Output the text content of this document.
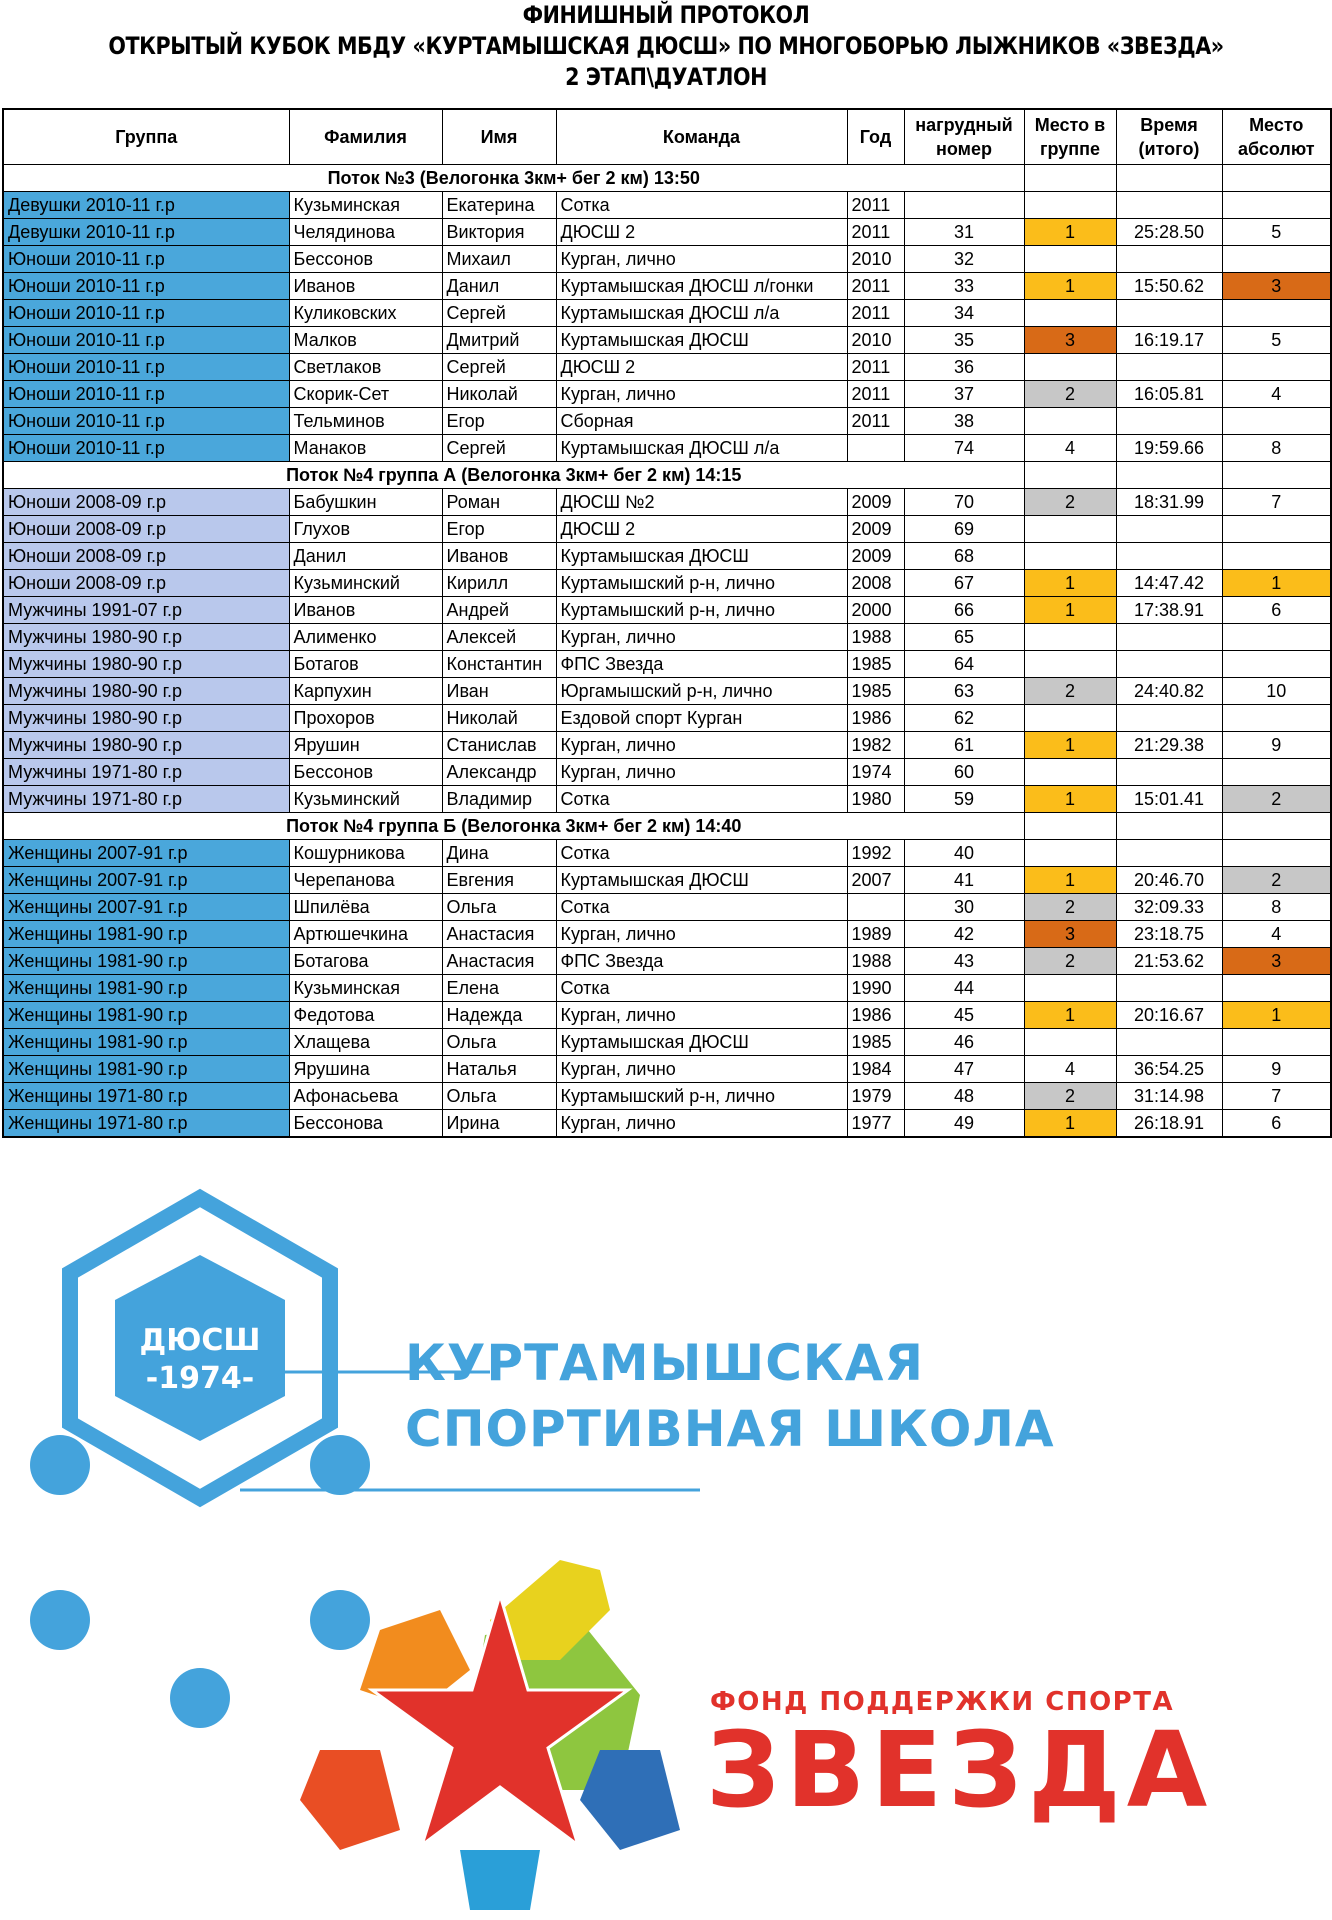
ФИНИШНЫЙ ПРОТОКОЛ
ОТКРЫТЫЙ КУБОК МБДУ «КУРТАМЫШСКАЯ ДЮСШ» ПО МНОГОБОРЬЮ ЛЫЖНИКОВ «ЗВЕЗДА»
2 ЭТАП\ДУАТЛОН
Группа	Фамилия	Имя	Команда	Год	нагрудный номер	Место в группе	Время (итого)	Место абсолют
Поток №3 (Велогонка 3км+ бег 2 км) 13:50								
Девушки 2010-11 г.р	Кузьминская	Екатерина	Сотка	2011				
Девушки 2010-11 г.р	Челядинова	Виктория	ДЮСШ 2	2011	31	1	25:28.50	5
Юноши 2010-11 г.р	Бессонов	Михаил	Курган, лично	2010	32			
Юноши 2010-11 г.р	Иванов	Данил	Куртамышская ДЮСШ л/гонки	2011	33	1	15:50.62	3
Юноши 2010-11 г.р	Куликовских	Сергей	Куртамышская ДЮСШ л/а	2011	34			
Юноши 2010-11 г.р	Малков	Дмитрий	Куртамышская ДЮСШ	2010	35	3	16:19.17	5
Юноши 2010-11 г.р	Светлаков	Сергей	ДЮСШ 2	2011	36			
Юноши 2010-11 г.р	Скорик-Сет	Николай	Курган, лично	2011	37	2	16:05.81	4
Юноши 2010-11 г.р	Тельминов	Егор	Сборная	2011	38			
Юноши 2010-11 г.р	Манаков	Сергей	Куртамышская ДЮСШ л/а		74	4	19:59.66	8
Поток №4 группа А (Велогонка 3км+ бег 2 км) 14:15								
Юноши 2008-09 г.р	Бабушкин	Роман	ДЮСШ №2	2009	70	2	18:31.99	7
Юноши 2008-09 г.р	Глухов	Егор	ДЮСШ 2	2009	69			
Юноши 2008-09 г.р	Данил	Иванов	Куртамышская ДЮСШ	2009	68			
Юноши 2008-09 г.р	Кузьминский	Кирилл	Куртамышский р-н, лично	2008	67	1	14:47.42	1
Мужчины 1991-07 г.р	Иванов	Андрей	Куртамышский р-н, лично	2000	66	1	17:38.91	6
Мужчины 1980-90 г.р	Алименко	Алексей	Курган, лично	1988	65			
Мужчины 1980-90 г.р	Ботагов	Константин	ФПС Звезда	1985	64			
Мужчины 1980-90 г.р	Карпухин	Иван	Юргамышский р-н, лично	1985	63	2	24:40.82	10
Мужчины 1980-90 г.р	Прохоров	Николай	Ездовой спорт Курган	1986	62			
Мужчины 1980-90 г.р	Ярушин	Станислав	Курган, лично	1982	61	1	21:29.38	9
Мужчины 1971-80 г.р	Бессонов	Александр	Курган, лично	1974	60			
Мужчины 1971-80 г.р	Кузьминский	Владимир	Сотка	1980	59	1	15:01.41	2
Поток №4 группа Б (Велогонка 3км+ бег 2 км) 14:40								
Женщины 2007-91 г.р	Кошурникова	Дина	Сотка	1992	40			
Женщины 2007-91 г.р	Черепанова	Евгения	Куртамышская ДЮСШ	2007	41	1	20:46.70	2
Женщины 2007-91 г.р	Шпилёва	Ольга	Сотка		30	2	32:09.33	8
Женщины 1981-90 г.р	Артюшечкина	Анастасия	Курган, лично	1989	42	3	23:18.75	4
Женщины 1981-90 г.р	Ботагова	Анастасия	ФПС Звезда	1988	43	2	21:53.62	3
Женщины 1981-90 г.р	Кузьминская	Елена	Сотка	1990	44			
Женщины 1981-90 г.р	Федотова	Надежда	Курган, лично	1986	45	1	20:16.67	1
Женщины 1981-90 г.р	Хлащева	Ольга	Куртамышская ДЮСШ	1985	46			
Женщины 1981-90 г.р	Ярушина	Наталья	Курган, лично	1984	47	4	36:54.25	9
Женщины 1971-80 г.р	Афонасьева	Ольга	Куртамышский р-н, лично	1979	48	2	31:14.98	7
Женщины 1971-80 г.р	Бессонова	Ирина	Курган, лично	1977	49	1	26:18.91	6
ДЮСШ
-1974-	КУРТАМЫШСКАЯ
СПОРТИВНАЯ ШКОЛА
ФОНД ПОДДЕРЖКИ СПОРТА
ЗВЕЗДА
